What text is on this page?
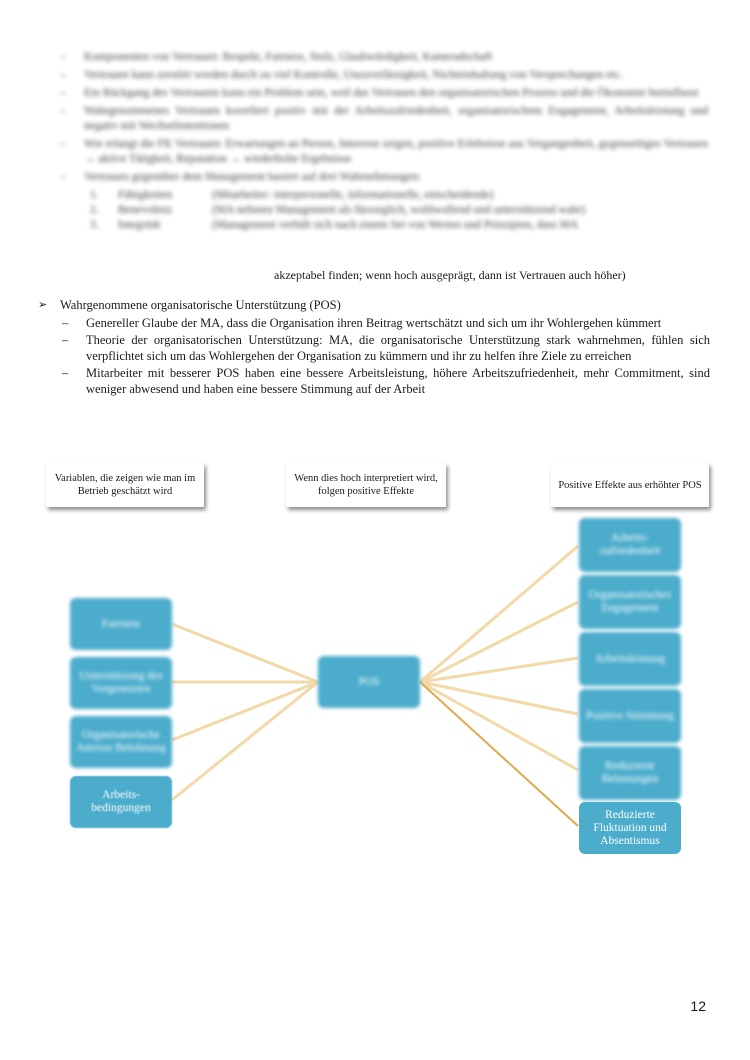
– Komponenten von Vertrauen: Respekt, Fairness, Stolz, Glaubwürdigkeit, Kameradschaft
– Vertrauen kann zerstört werden durch zu viel Kontrolle, Unzuverlässigkeit, Nichteinhaltung von Versprechungen etc.
– Ein Rückgang des Vertrauens kann ein Problem sein, weil das Vertrauen den organisatorischen Prozess und die Ökonomie beeinflusst
– Wahrgenommenes Vertrauen korreliert positiv mit der Arbeitszufriedenheit, organisatorischem Engagement, Arbeitsleistung und negativ mit Wechselintentionen
– Wie erlangt die FK Vertrauen: Erwartungen an Person, Interesse zeigen, positive Erlebnisse aus Vergangenheit, gegenseitiges Vertrauen → aktive Tätigkeit, Reputation → wiederholte Ergebnisse
– Vertrauen gegenüber dem Management basiert auf drei Wahrnehmungen:
1. Fähigkeiten	(Mitarbeiter: interpersonelle, informationelle, entscheidende)
2. Benevolenz	(MA nehmen Management als fürsorglich, wohlwollend und unterstützend wahr)
3. Integrität	(Management verhält sich nach einem Set von Werten und Prinzipien, dass MA
akzeptabel finden; wenn hoch ausgeprägt, dann ist Vertrauen auch höher)
➢ Wahrgenommene organisatorische Unterstützung (POS)
– Genereller Glaube der MA, dass die Organisation ihren Beitrag wertschätzt und sich um ihr Wohlergehen kümmert
– Theorie der organisatorischen Unterstützung: MA, die organisatorische Unterstützung stark wahrnehmen, fühlen sich verpflichtet sich um das Wohlergehen der Organisation zu kümmern und ihr zu helfen ihre Ziele zu erreichen
– Mitarbeiter mit besserer POS haben eine bessere Arbeitsleistung, höhere Arbeitszufriedenheit, mehr Commitment, sind weniger abwesend und haben eine bessere Stimmung auf der Arbeit
Variablen, die zeigen wie man im Betrieb geschätzt wird
Wenn dies hoch interpretiert wird, folgen positive Effekte
Positive Effekte aus erhöhter POS
POS
Fairness
Unterstützung des Vorgesetzten
Organisatorische Anreize Belohnung
Arbeits-bedingungen
Arbeits-zufriedenheit
Organisatorisches Engagement
Arbeitsleistung
Positive Stimmung
Reduzierte Belastungen
Reduzierte Fluktuation und Absentismus
12
